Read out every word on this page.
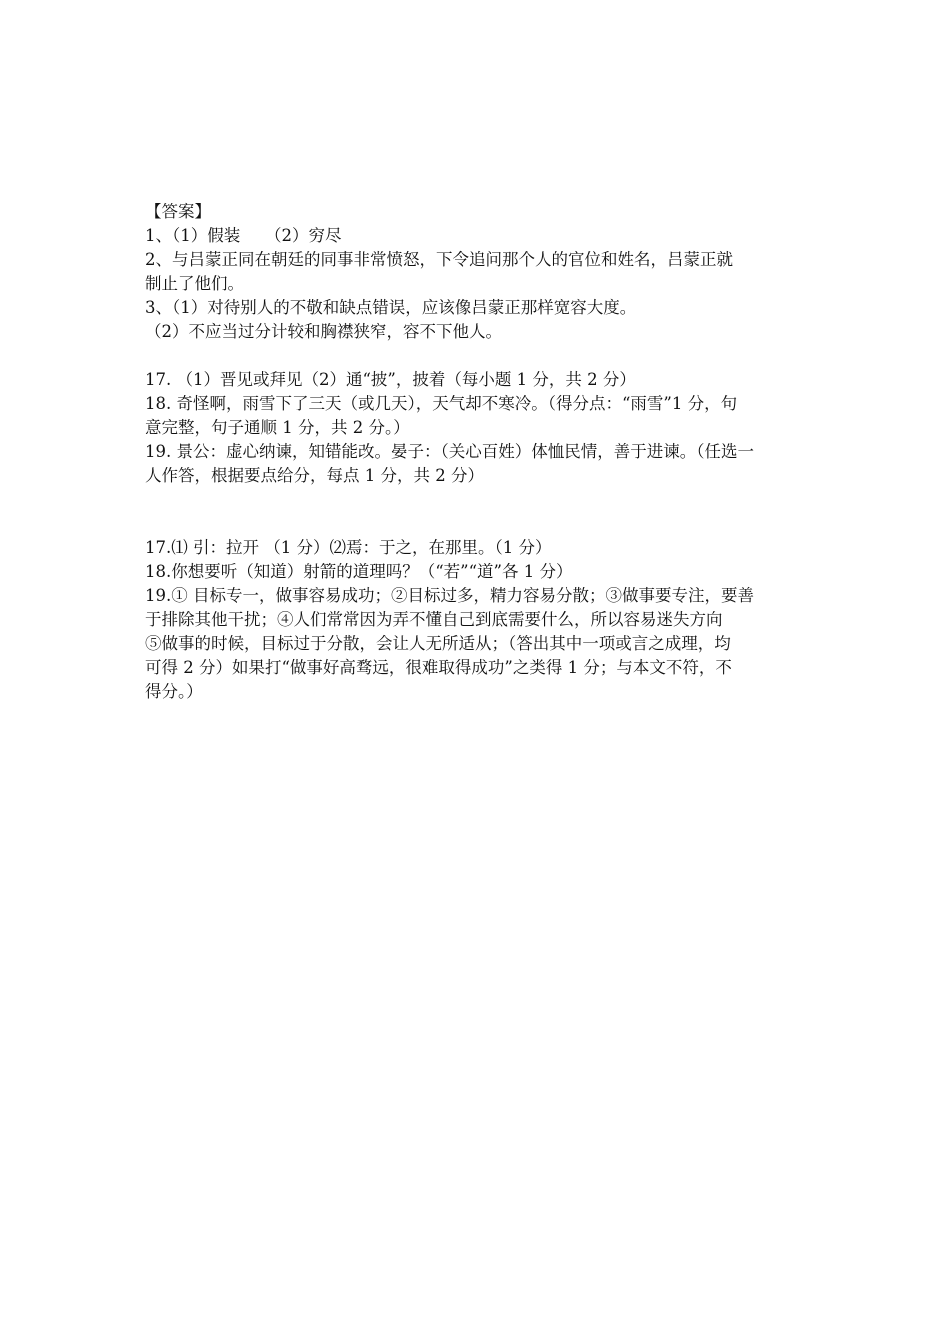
【答案】
1、（1）假装　　（2）穷尽
2、与吕蒙正同在朝廷的同事非常愤怒，下令追问那个人的官位和姓名，吕蒙正就
制止了他们。
3、（1）对待别人的不敬和缺点错误，应该像吕蒙正那样宽容大度。
（2）不应当过分计较和胸襟狭窄，容不下他人。
17. （1）晋见或拜见（2）通“披”，披着（每小题 1 分，共 2 分）
18. 奇怪啊，雨雪下了三天（或几天），天气却不寒冷。（得分点：“雨雪”1 分，句
意完整，句子通顺 1 分，共 2 分。）
19. 景公：虚心纳谏，知错能改。晏子：（关心百姓）体恤民情，善于进谏。（任选一
人作答，根据要点给分，每点 1 分，共 2 分）
17.⑴ 引：拉开 （1 分）⑵焉：于之，在那里。（1 分）
18.你想要听（知道）射箭的道理吗？（“若”“道”各 1 分）
19.① 目标专一，做事容易成功；②目标过多，精力容易分散；③做事要专注，要善
于排除其他干扰；④人们常常因为弄不懂自己到底需要什么，所以容易迷失方向
⑤做事的时候，目标过于分散，会让人无所适从；（答出其中一项或言之成理，均
可得 2 分）如果打“做事好高骛远，很难取得成功”之类得 1 分；与本文不符，不
得分。）
